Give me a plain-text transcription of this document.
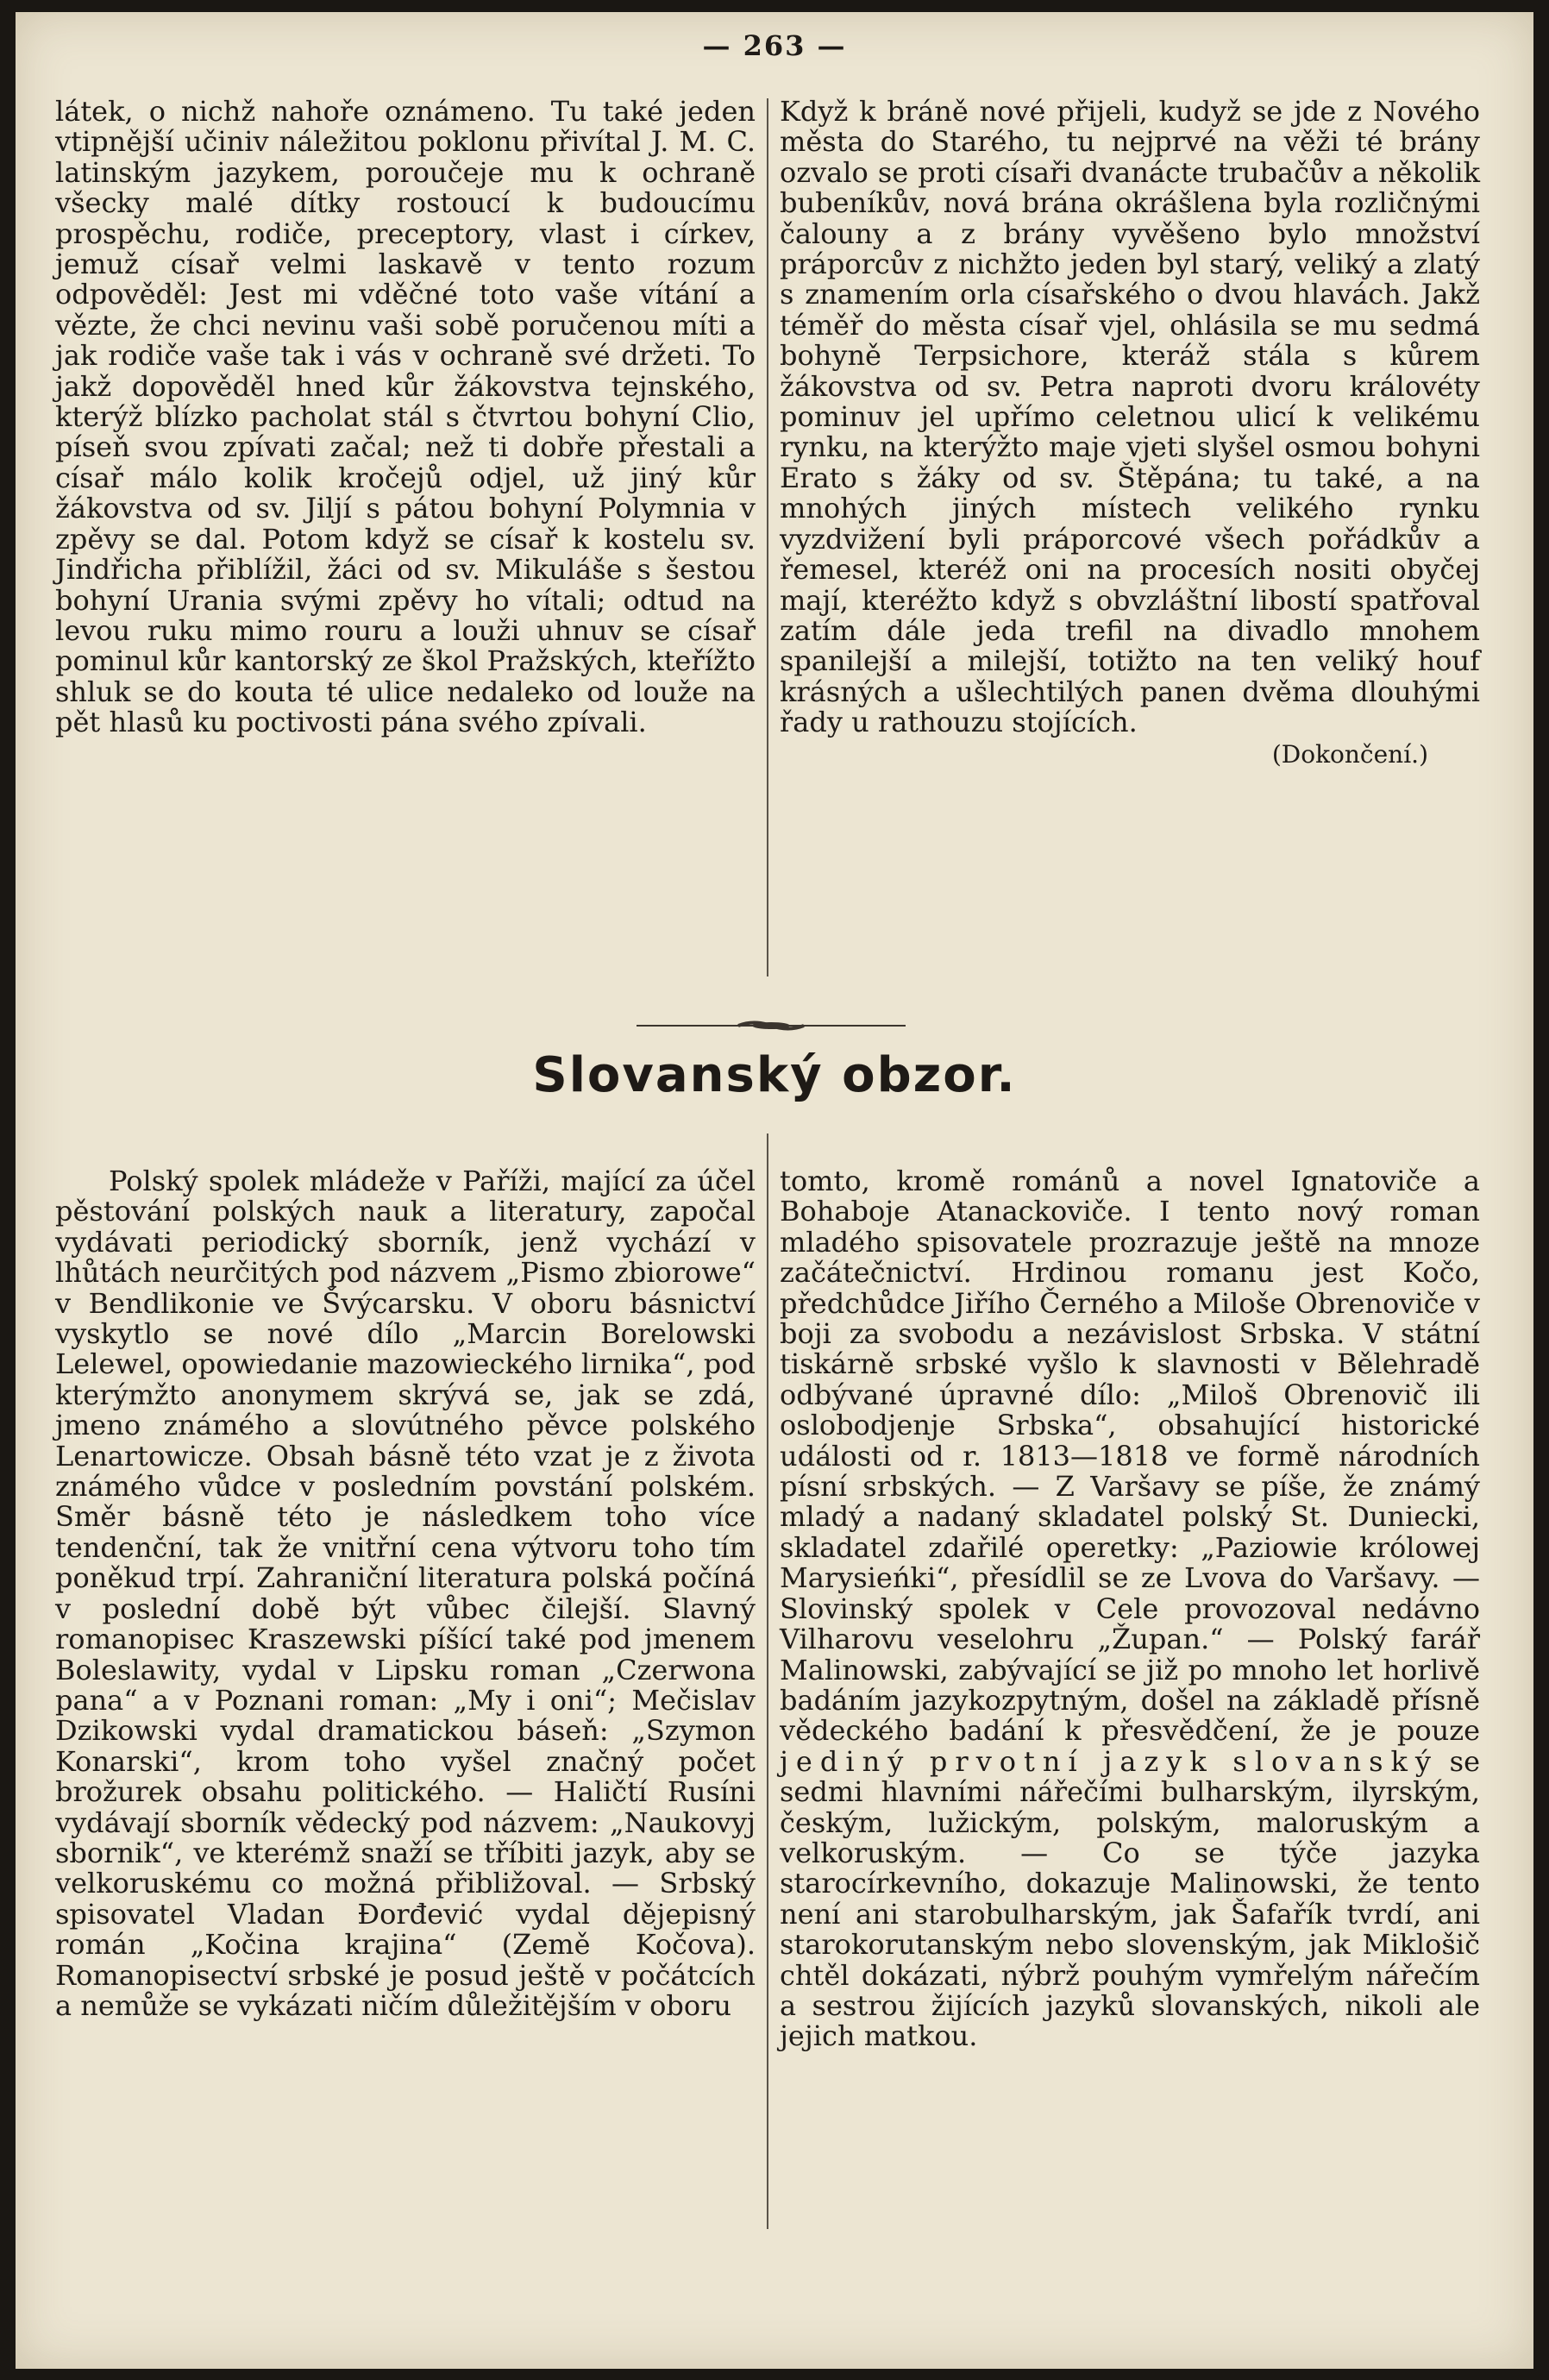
— 263 —

látek, o nichž nahoře oznámeno. Tu také jeden vtipnější učiniv náležitou poklonu přivítal J. M. C. latinským jazykem, poroučeje mu k ochraně všecky malé dítky rostoucí k budoucímu prospěchu, rodiče, preceptory, vlast i církev, jemuž císař velmi laskavě v tento rozum odpověděl: Jest mi vděčné toto vaše vítání a vězte, že chci nevinu vaši sobě poručenou míti a jak rodiče vaše tak i vás v ochraně své držeti. To jakž dopověděl hned kůr žákovstva tejnského, kterýž blízko pacholat stál s čtvrtou bohyní Clio, píseň svou zpívati začal; než ti dobře přestali a císař málo kolik kročejů odjel, už jiný kůr žákovstva od sv. Jiljí s pátou bohyní Polymnia v zpěvy se dal. Potom když se císař k kostelu sv. Jindřicha přiblížil, žáci od sv. Mikuláše s šestou bohyní Urania svými zpěvy ho vítali; odtud na levou ruku mimo rouru a louži uhnuv se císař pominul kůr kantorský ze škol Pražských, kteřížto shluk se do kouta té ulice nedaleko od louže na pět hlasů ku poctivosti pána svého zpívali.

Když k bráně nové přijeli, kudyž se jde z Nového města do Starého, tu nejprvé na věži té brány ozvalo se proti císaři dvanácte trubačův a několik bubeníkův, nová brána okrášlena byla rozličnými čalouny a z brány vyvěšeno bylo množství práporcův z nichžto jeden byl starý, veliký a zlatý s znamením orla císařského o dvou hlavách. Jakž téměř do města císař vjel, ohlásila se mu sedmá bohyně Terpsichore, kteráž stála s kůrem žákovstva od sv. Petra naproti dvoru královéty pominuv jel upřímo celetnou ulicí k velikému rynku, na kterýžto maje vjeti slyšel osmou bohyni Erato s žáky od sv. Štěpána; tu také, a na mnohých jiných místech velikého rynku vyzdvižení byli práporcové všech pořádkův a řemesel, kteréž oni na procesích nositi obyčej mají, kteréžto když s obvzláštní libostí spatřoval zatím dále jeda trefil na divadlo mnohem spanilejší a milejší, totižto na ten veliký houf krásných a ušlechtilých panen dvěma dlouhými řady u rathouzu stojících.

(Dokončení.)

Slovanský obzor.

Polský spolek mládeže v Paříži, mající za účel pěstování polských nauk a literatury, započal vydávati periodický sborník, jenž vychází v lhůtách neurčitých pod názvem „Pismo zbiorowe“ v Bendlikonie ve Švýcarsku. V oboru básnictví vyskytlo se nové dílo „Marcin Borelowski Lelewel, opowiedanie mazowieckého lirnika“, pod kterýmžto anonymem skrývá se, jak se zdá, jmeno známého a slovútného pěvce polského Lenartowicze. Obsah básně této vzat je z života známého vůdce v posledním povstání polském. Směr básně této je následkem toho více tendenční, tak že vnitřní cena výtvoru toho tím poněkud trpí. Zahraniční literatura polská počíná v poslední době být vůbec čilejší. Slavný romanopisec Kraszewski píšící také pod jmenem Boleslawity, vydal v Lipsku roman „Czerwona pana“ a v Poznani roman: „My i oni“; Mečislav Dzikowski vydal dramatickou báseň: „Szymon Konarski“, krom toho vyšel značný počet brožurek obsahu politického. — Haličtí Rusíni vydávají sborník vědecký pod názvem: „Naukovyj sbornik“, ve kterémž snaží se tříbiti jazyk, aby se velkoruskému co možná přibližoval. — Srbský spisovatel Vladan Đorđević vydal dějepisný román „Kočina krajina“ (Země Kočova). Romanopisectví srbské je posud ještě v počátcích a nemůže se vykázati ničím důležitějším v oboru

tomto, kromě románů a novel Ignatoviče a Bohaboje Atanackoviče. I tento nový roman mladého spisovatele prozrazuje ještě na mnoze začátečnictví. Hrdinou romanu jest Kočo, předchůdce Jiřího Černého a Miloše Obrenoviče v boji za svobodu a nezávislost Srbska. V státní tiskárně srbské vyšlo k slavnosti v Bělehradě odbývané úpravné dílo: „Miloš Obrenovič ili oslobodjenje Srbska“, obsahující historické události od r. 1813—1818 ve formě národních písní srbských. — Z Varšavy se píše, že známý mladý a nadaný skladatel polský St. Duniecki, skladatel zdařilé operetky: „Paziowie królowej Marysieńki“, přesídlil se ze Lvova do Varšavy. — Slovinský spolek v Cele provozoval nedávno Vilharovu veselohru „Župan.“ — Polský farář Malinowski, zabývající se již po mnoho let horlivě badáním jazykozpytným, došel na základě přísně vědeckého badání k přesvědčení, že je pouze jediný prvotní jazyk slovanský se sedmi hlavními nářečími bulharským, ilyrským, českým, lužickým, polským, maloruským a velkoruským. — Co se týče jazyka starocírkevního, dokazuje Malinowski, že tento není ani starobulharským, jak Šafařík tvrdí, ani starokorutanským nebo slovenským, jak Miklošič chtěl dokázati, nýbrž pouhým vymřelým nářečím a sestrou žijících jazyků slovanských, nikoli ale jejich matkou.
